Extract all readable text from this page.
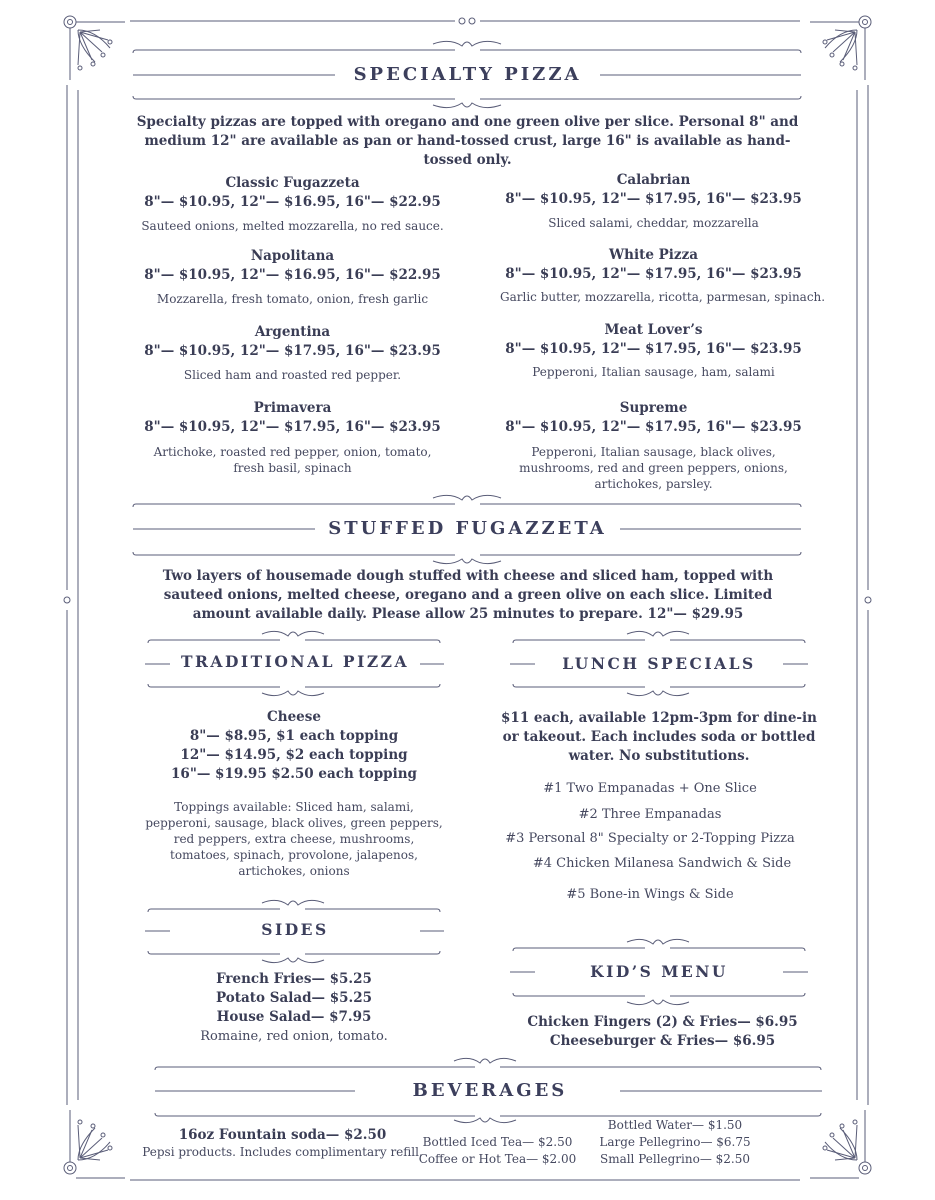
SPECIALTY PIZZA
Specialty pizzas are topped with oregano and one green olive per slice. Personal 8" and medium 12" are available as pan or hand-tossed crust, large 16" is available as hand-tossed only.
Classic Fugazzeta
8"— $10.95, 12"— $16.95, 16"— $22.95
Sauteed onions, melted mozzarella, no red sauce.
Calabrian
8"— $10.95, 12"— $17.95, 16"— $23.95
Sliced salami, cheddar, mozzarella
Napolitana
8"— $10.95, 12"— $16.95, 16"— $22.95
Mozzarella, fresh tomato, onion, fresh garlic
White Pizza
8"— $10.95, 12"— $17.95, 16"— $23.95
Garlic butter, mozzarella, ricotta, parmesan, spinach.
Argentina
8"— $10.95, 12"— $17.95, 16"— $23.95
Sliced ham and roasted red pepper.
Meat Lover’s
8"— $10.95, 12"— $17.95, 16"— $23.95
Pepperoni, Italian sausage, ham, salami
Primavera
8"— $10.95, 12"— $17.95, 16"— $23.95
Artichoke, roasted red pepper, onion, tomato, fresh basil, spinach
Supreme
8"— $10.95, 12"— $17.95, 16"— $23.95
Pepperoni, Italian sausage, black olives, mushrooms, red and green peppers, onions, artichokes, parsley.
STUFFED FUGAZZETA
Two layers of housemade dough stuffed with cheese and sliced ham, topped with sauteed onions, melted cheese, oregano and a green olive on each slice. Limited amount available daily. Please allow 25 minutes to prepare. 12"— $29.95
TRADITIONAL PIZZA
Cheese
8"— $8.95, $1 each topping
12"— $14.95, $2 each topping
16"— $19.95 $2.50 each topping
Toppings available: Sliced ham, salami, pepperoni, sausage, black olives, green peppers, red peppers, extra cheese, mushrooms, tomatoes, spinach, provolone, jalapenos, artichokes, onions
LUNCH SPECIALS
$11 each, available 12pm-3pm for dine-in or takeout. Each includes soda or bottled water. No substitutions.
#1 Two Empanadas + One Slice
#2 Three Empanadas
#3 Personal 8" Specialty or 2-Topping Pizza
#4 Chicken Milanesa Sandwich & Side
#5 Bone-in Wings & Side
SIDES
French Fries— $5.25
Potato Salad— $5.25
House Salad— $7.95
Romaine, red onion, tomato.
KID’S MENU
Chicken Fingers (2) & Fries— $6.95
Cheeseburger & Fries— $6.95
BEVERAGES
16oz Fountain soda— $2.50
Pepsi products. Includes complimentary refill.
Bottled Iced Tea— $2.50
Coffee or Hot Tea— $2.00
Bottled Water— $1.50
Large Pellegrino— $6.75
Small Pellegrino— $2.50
